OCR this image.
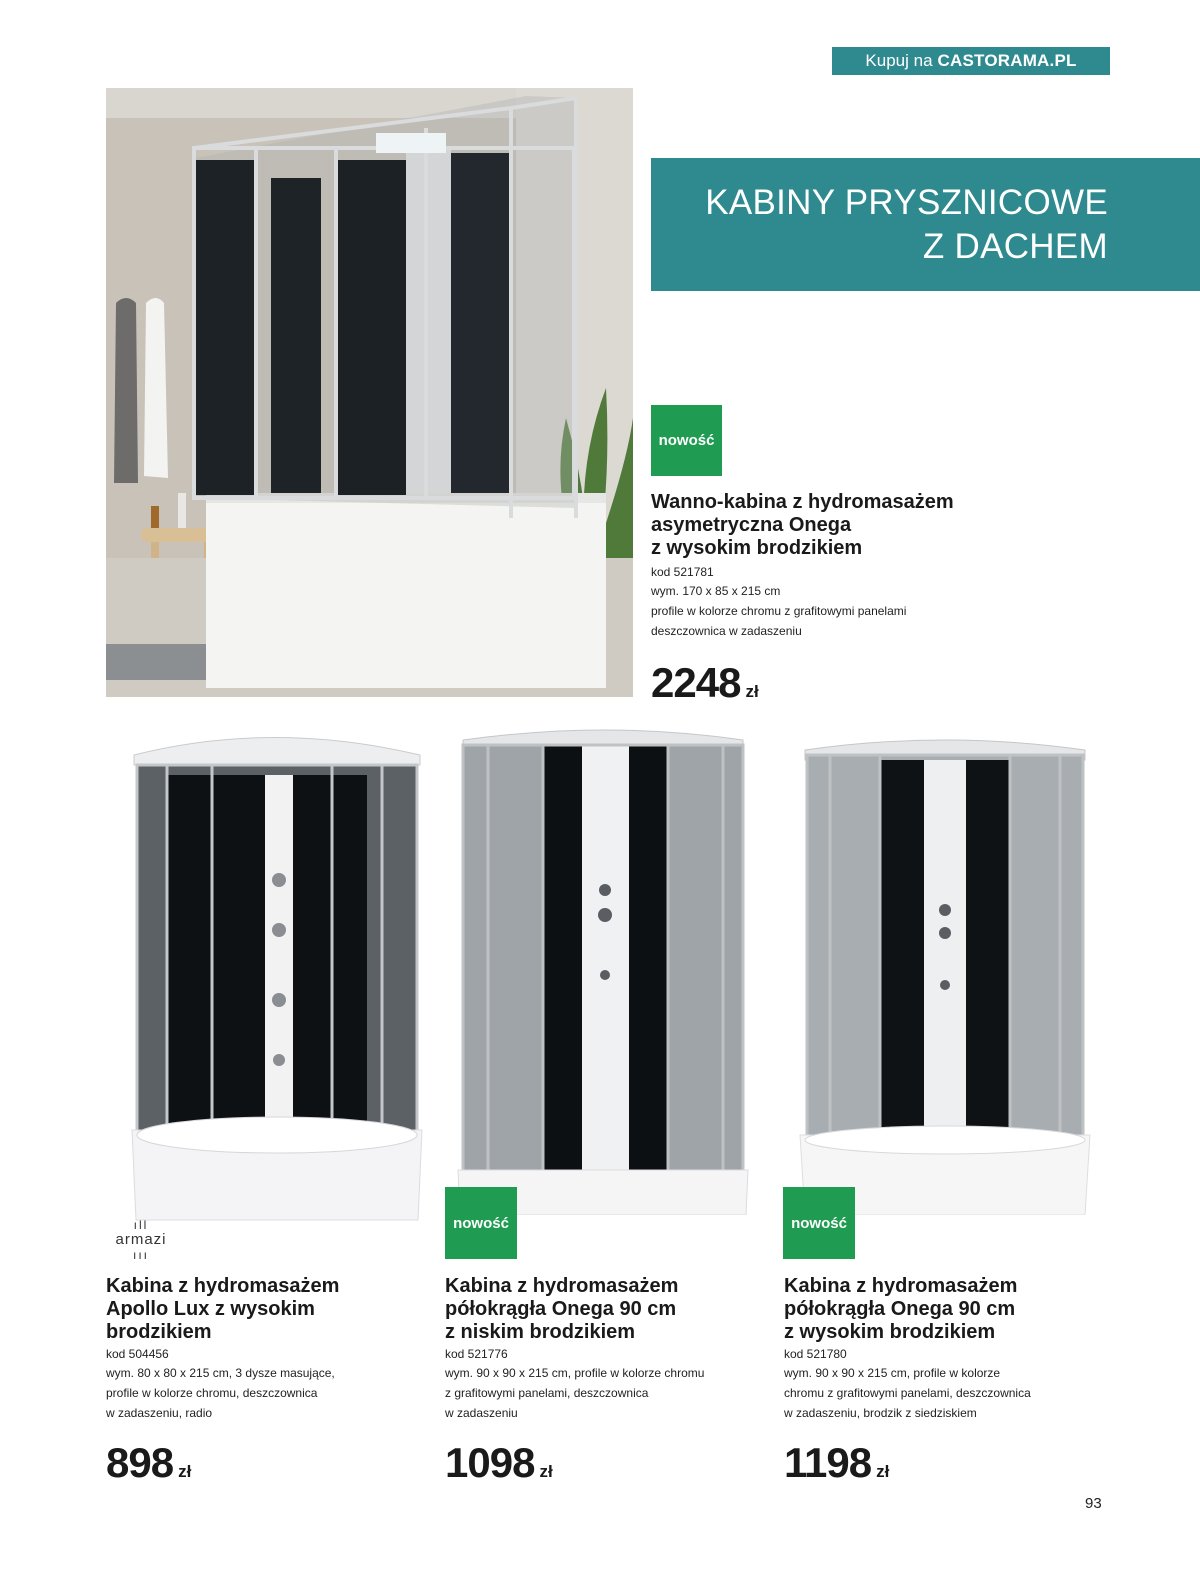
Kupuj na CASTORAMA.PL
KABINY PRYSZNICOWE
Z DACHEM
nowość
Wanno-kabina z hydromasażem
asymetryczna Onega
z wysokim brodzikiem
kod 521781
wym. 170 x 85 x 215 cm
profile w kolorze chromu z grafitowymi panelami
deszczownica w zadaszeniu
2248 zł
ıll
armazi
ııı
nowość	nowość
Kabina z hydromasażem
Apollo Lux z wysokim
brodzikiem
kod 504456
wym. 80 x 80 x 215 cm, 3 dysze masujące,
profile w kolorze chromu, deszczownica
w zadaszeniu, radio
898 zł
Kabina z hydromasażem
półokrągła Onega 90 cm
z niskim brodzikiem
kod 521776
wym. 90 x 90 x 215 cm, profile w kolorze chromu
z grafitowymi panelami, deszczownica
w zadaszeniu
1098 zł
Kabina z hydromasażem
półokrągła Onega 90 cm
z wysokim brodzikiem
kod 521780
wym. 90 x 90 x 215 cm, profile w kolorze
chromu z grafitowymi panelami, deszczownica
w zadaszeniu, brodzik z siedziskiem
1198 zł
93
